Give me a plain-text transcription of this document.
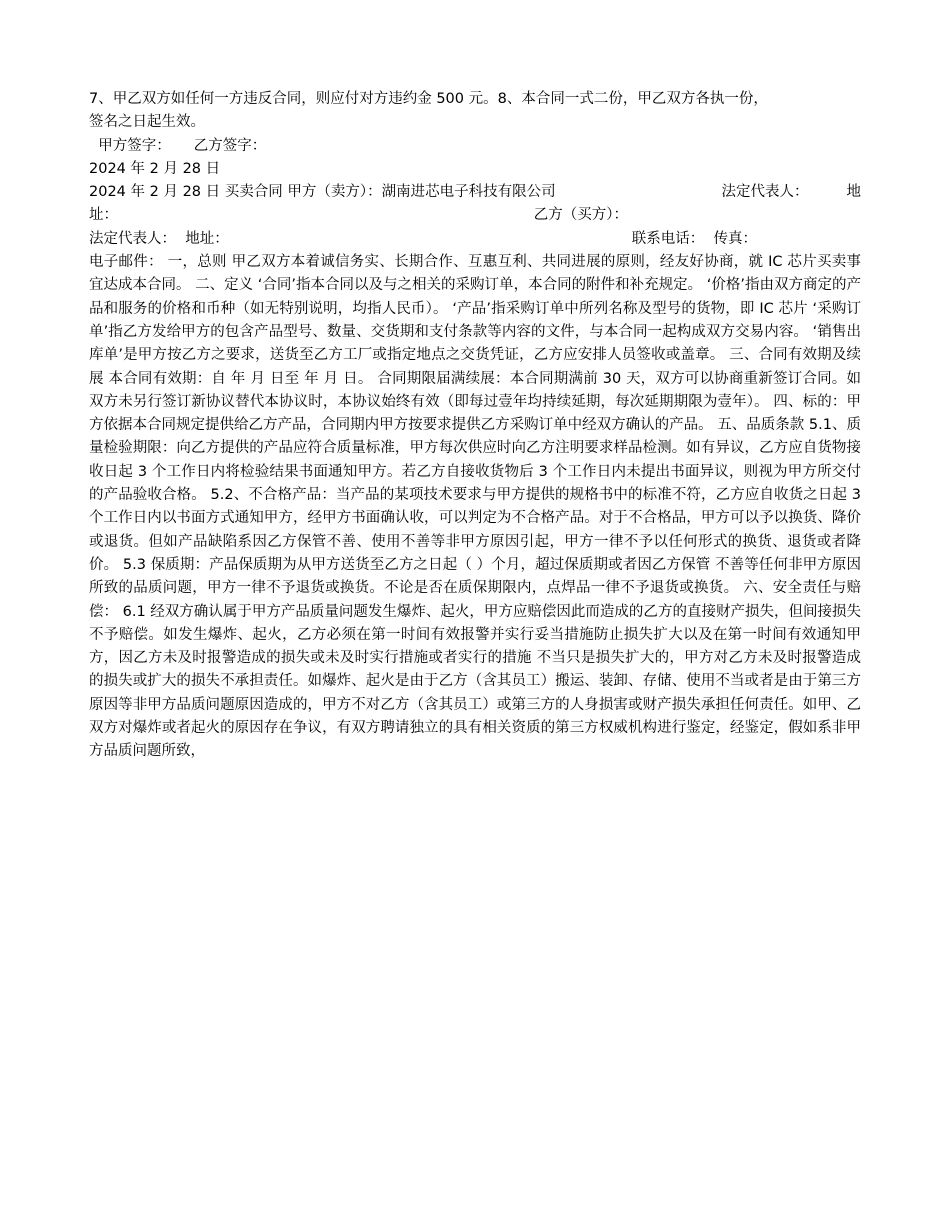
7、甲乙双方如任何一方违反合同，则应付对方违约金 500 元。8、本合同一式二份，甲乙双方各执一份，
签名之日起生效。
甲方签字：     乙方签字：
2024 年 2 月 28 日
2024 年 2 月 28 日 买卖合同 甲方（卖方）：湖南进芯电子科技有限公司	法定代表人：	地
址：	乙方（买方）：
法定代表人：  地址：	联系电话：  传真：
电子邮件： 一，总则 甲乙双方本着诚信务实、长期合作、互惠互利、共同进展的原则，经友好协商，就 IC 芯片买卖事宜达成本合同。 二、定义 ‘合同’指本合同以及与之相关的采购订单，本合同的附件和补充规定。 ‘价格’指由双方商定的产品和服务的价格和币种（如无特别说明，均指人民币）。 ‘产品’指采购订单中所列名称及型号的货物，即 IC 芯片 ‘采购订单’指乙方发给甲方的包含产品型号、数量、交货期和支付条款等内容的文件，与本合同一起构成双方交易内容。 ‘销售出库单’是甲方按乙方之要求，送货至乙方工厂或指定地点之交货凭证，乙方应安排人员签收或盖章。 三、合同有效期及续展 本合同有效期：自 年 月 日至 年 月 日。 合同期限届满续展：本合同期满前 30 天，双方可以协商重新签订合同。如双方未另行签订新协议替代本协议时，本协议始终有效（即每过壹年均持续延期，每次延期期限为壹年）。 四、标的：甲方依据本合同规定提供给乙方产品，合同期内甲方按要求提供乙方采购订单中经双方确认的产品。 五、品质条款 5.1、质量检验期限：向乙方提供的产品应符合质量标准，甲方每次供应时向乙方注明要求样品检测。如有异议，乙方应自货物接收日起 3 个工作日内将检验结果书面通知甲方。若乙方自接收货物后 3 个工作日内未提出书面异议，则视为甲方所交付的产品验收合格。 5.2、不合格产品：当产品的某项技术要求与甲方提供的规格书中的标准不符，乙方应自收货之日起 3 个工作日内以书面方式通知甲方，经甲方书面确认收，可以判定为不合格产品。对于不合格品，甲方可以予以换货、降价或退货。但如产品缺陷系因乙方保管不善、使用不善等非甲方原因引起，甲方一律不予以任何形式的换货、退货或者降价。 5.3 保质期：产品保质期为从甲方送货至乙方之日起（ ）个月，超过保质期或者因乙方保管 不善等任何非甲方原因所致的品质问题，甲方一律不予退货或换货。不论是否在质保期限内，点焊品一律不予退货或换货。 六、安全责任与赔偿： 6.1 经双方确认属于甲方产品质量问题发生爆炸、起火，甲方应赔偿因此而造成的乙方的直接财产损失，但间接损失不予赔偿。如发生爆炸、起火，乙方必须在第一时间有效报警并实行妥当措施防止损失扩大以及在第一时间有效通知甲方，因乙方未及时报警造成的损失或未及时实行措施或者实行的措施 不当只是损失扩大的，甲方对乙方未及时报警造成的损失或扩大的损失不承担责任。如爆炸、起火是由于乙方（含其员工）搬运、装卸、存储、使用不当或者是由于第三方原因等非甲方品质问题原因造成的，甲方不对乙方（含其员工）或第三方的人身损害或财产损失承担任何责任。如甲、乙双方对爆炸或者起火的原因存在争议，有双方聘请独立的具有相关资质的第三方权威机构进行鉴定，经鉴定，假如系非甲方品质问题所致，
